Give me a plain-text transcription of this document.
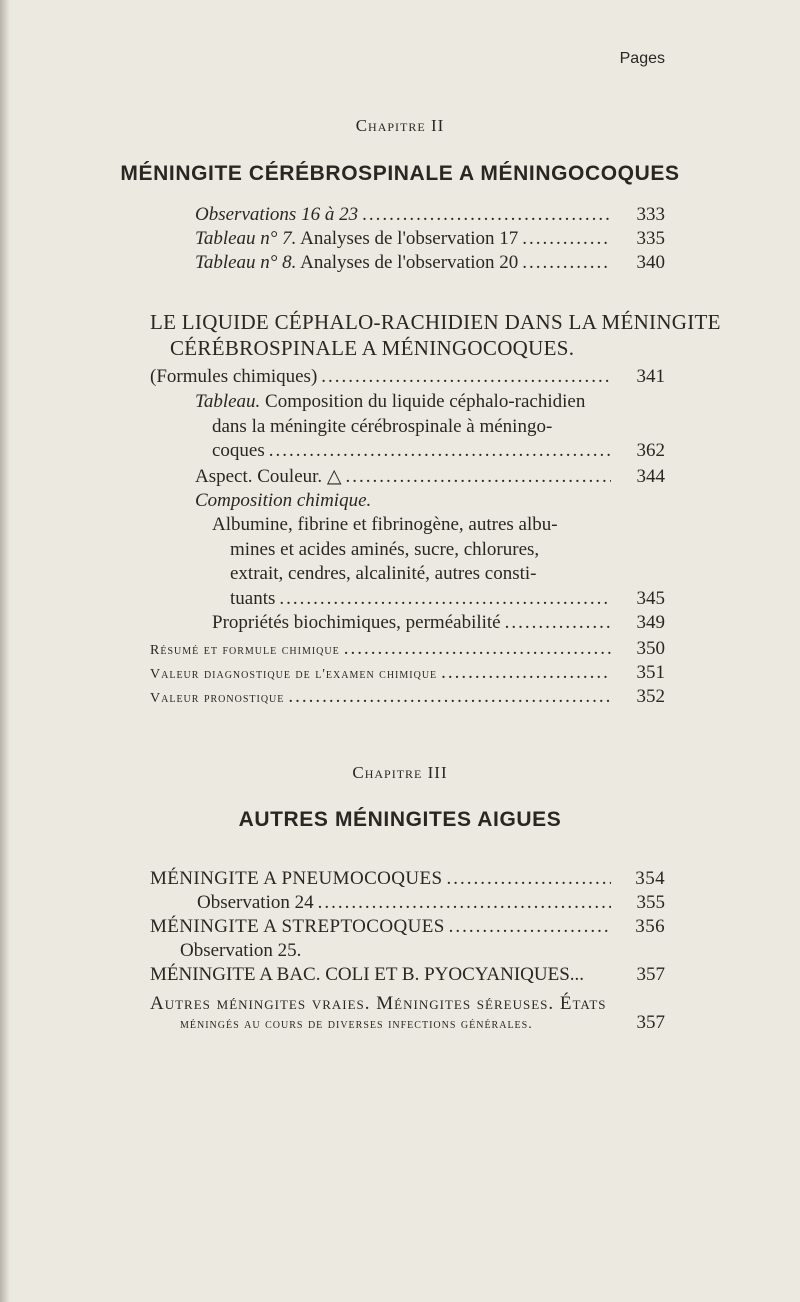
Pages
Chapitre II
MÉNINGITE CÉRÉBROSPINALE A MÉNINGOCOQUES
Observations 16 à 23 .....	333
Tableau n° 7. Analyses de l'observation 17 .....	335
Tableau n° 8. Analyses de l'observation 20 .....	340
LE LIQUIDE CÉPHALO-RACHIDIEN DANS LA MÉNINGITE
CÉRÉBROSPINALE A MÉNINGOCOQUES.
(Formules chimiques) .....	341
Tableau. Composition du liquide céphalo-rachidien
dans la méningite cérébrospinale à méningo-
coques .....	362
Aspect. Couleur. △ .....	344
Composition chimique.
Albumine, fibrine et fibrinogène, autres albu-
mines et acides aminés, sucre, chlorures,
extrait, cendres, alcalinité, autres consti-
tuants .....	345
Propriétés biochimiques, perméabilité .....	349
Résumé et formule chimique .....	350
Valeur diagnostique de l'examen chimique .....	351
Valeur pronostique .....	352
Chapitre III
AUTRES MÉNINGITES AIGUES
MÉNINGITE A PNEUMOCOQUES .....	354
Observation 24 .....	355
MÉNINGITE A STREPTOCOQUES .....	356
Observation 25.
MÉNINGITE A BAC. COLI ET B. PYOCYANIQUES...	357
Autres méningites vraies. Méningites séreuses. États
méningés au cours de diverses infections générales.	357
